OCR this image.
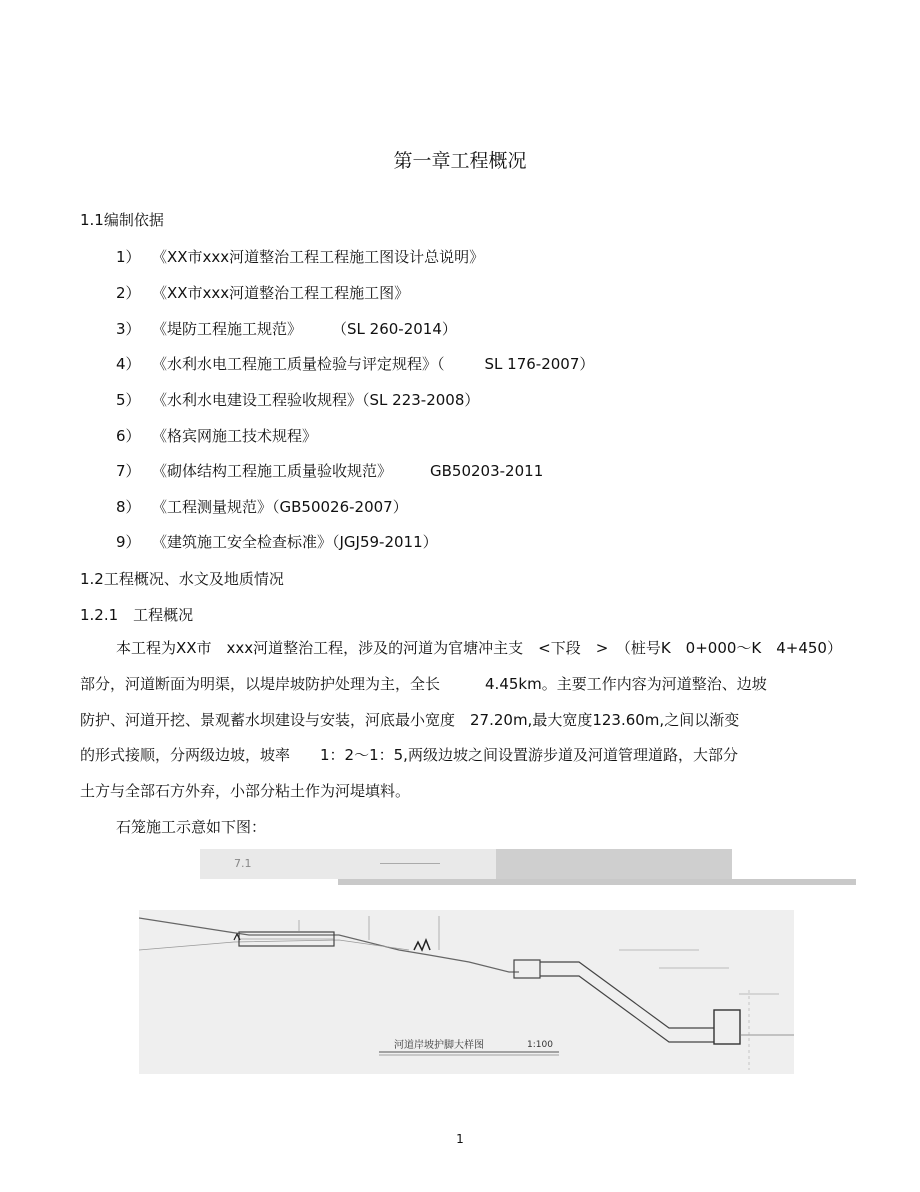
第一章工程概况
1.1编制依据
1） 《XX市xxx河道整治工程工程施工图设计总说明》
2） 《XX市xxx河道整治工程工程施工图》
3） 《堤防工程施工规范》 （SL 260-2014）
4） 《水利水电工程施工质量检验与评定规程》（	SL 176-2007）
5） 《水利水电建设工程验收规程》（SL 223-2008）
6） 《格宾网施工技术规程》
7） 《砌体结构工程施工质量验收规范》	GB50203-2011
8） 《工程测量规范》（GB50026-2007）
9） 《建筑施工安全检查标准》（JGJ59-2011）
1.2工程概况、水文及地质情况
1.2.1　工程概况
本工程为XX市　xxx河道整治工程，涉及的河道为官塘冲主支　<下段　>　（桩号K　0+000～K　4+450）
部分，河道断面为明渠，以堤岸坡防护处理为主，全长　　　4.45km。主要工作内容为河道整治、边坡
防护、河道开挖、景观蓄水坝建设与安装，河底最小宽度　27.20m,最大宽度123.60m,之间以渐变
的形式接顺，分两级边坡，坡率　　1：2～1：5,两级边坡之间设置游步道及河道管理道路，大部分
土方与全部石方外弃，小部分粘土作为河堤填料。
石笼施工示意如下图：
7.1
河道岸坡护脚大样图	1:100
1
